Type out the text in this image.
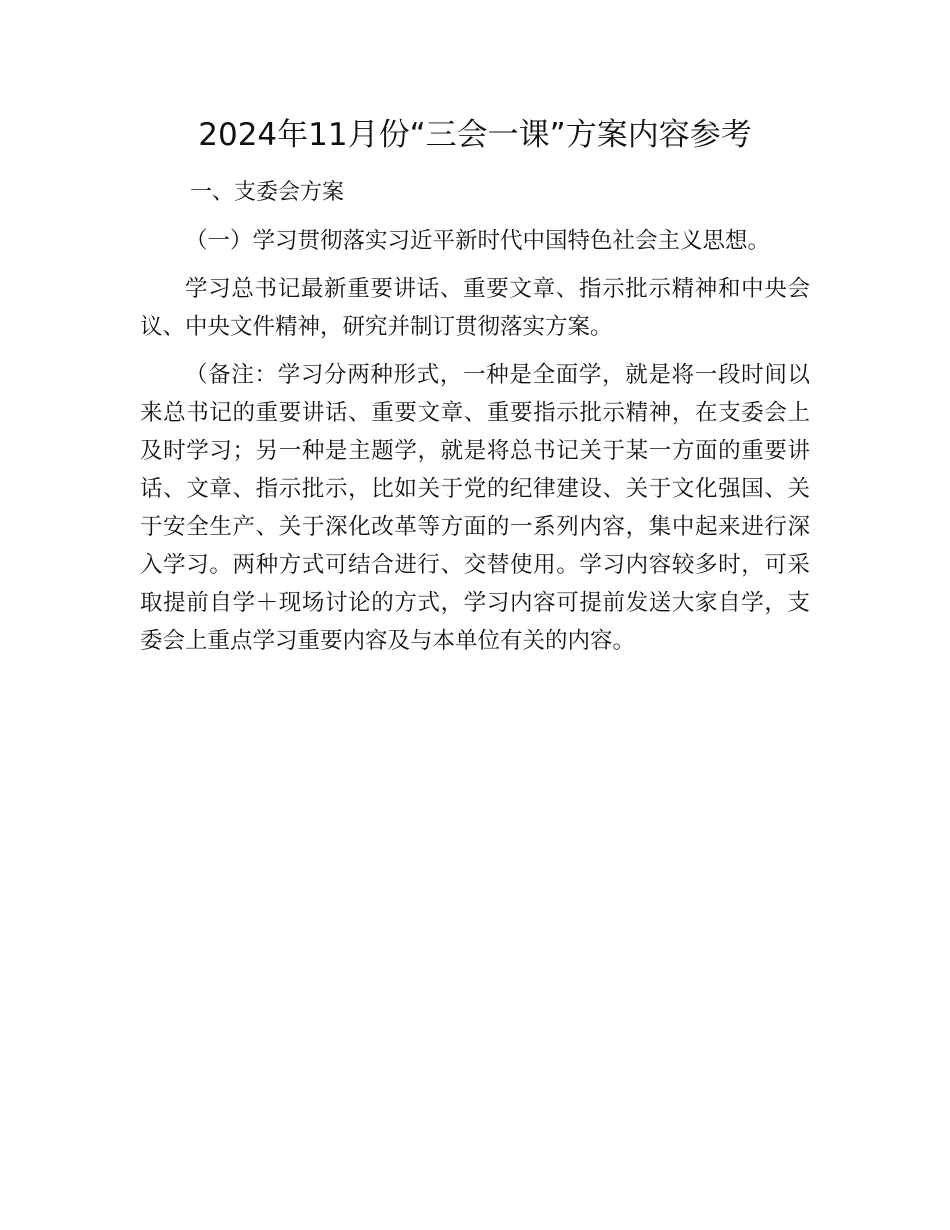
2024年11月份“三会一课”方案内容参考
一、支委会方案

（一）学习贯彻落实习近平新时代中国特色社会主义思想。

学习总书记最新重要讲话、重要文章、指示批示精神和中央会议、中央文件精神，研究并制订贯彻落实方案。

（备注：学习分两种形式，一种是全面学，就是将一段时间以来总书记的重要讲话、重要文章、重要指示批示精神，在支委会上及时学习；另一种是主题学，就是将总书记关于某一方面的重要讲话、文章、指示批示，比如关于党的纪律建设、关于文化强国、关于安全生产、关于深化改革等方面的一系列内容，集中起来进行深入学习。两种方式可结合进行、交替使用。学习内容较多时，可采取提前自学＋现场讨论的方式，学习内容可提前发送大家自学，支委会上重点学习重要内容及与本单位有关的内容。
